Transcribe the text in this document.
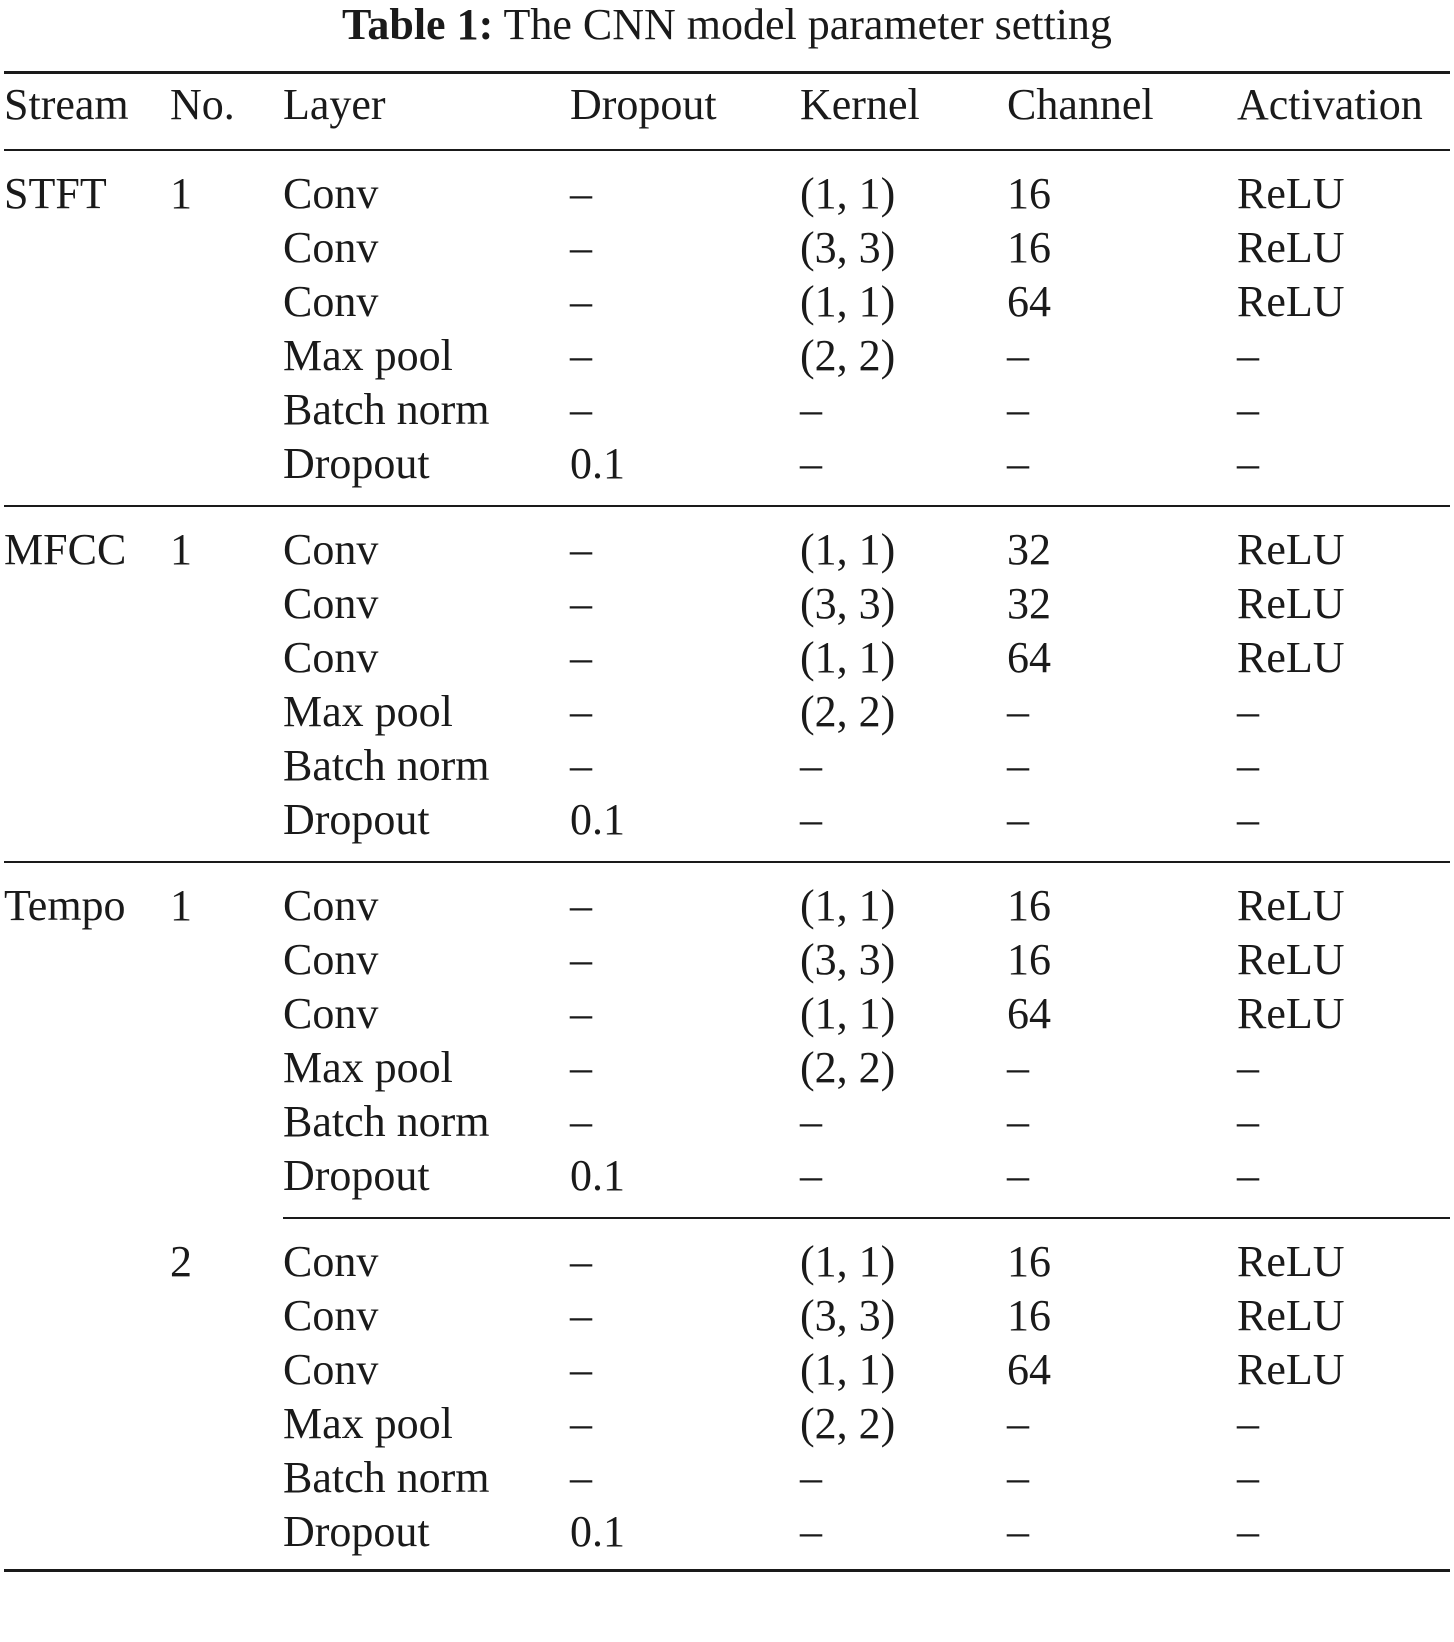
Table 1: The CNN model parameter setting
Stream No. Layer	Dropout Kernel Channel Activation
STFT 1 Conv	–	(1, 1)	16	ReLU
Conv	–	(3, 3)	16	ReLU
Conv	–	(1, 1)	64	ReLU
Max pool	–	(2, 2)	–	–
Batch norm –	–	–	–
Dropout	0.1	–	–	–
MFCC 1 Conv	–	(1, 1)	32	ReLU
Conv	–	(3, 3)	32	ReLU
Conv	–	(1, 1)	64	ReLU
Max pool	–	(2, 2)	–	–
Batch norm –	–	–	–
Dropout	0.1	–	–	–
Tempo 1 Conv	–	(1, 1)	16	ReLU
Conv	–	(3, 3)	16	ReLU
Conv	–	(1, 1)	64	ReLU
Max pool	–	(2, 2)	–	–
Batch norm –	–	–	–
Dropout	0.1	–	–	–
2 Conv	–	(1, 1)	16	ReLU
Conv	–	(3, 3)	16	ReLU
Conv	–	(1, 1)	64	ReLU
Max pool	–	(2, 2)	–	–
Batch norm –	–	–	–
Dropout	0.1	–	–	–
